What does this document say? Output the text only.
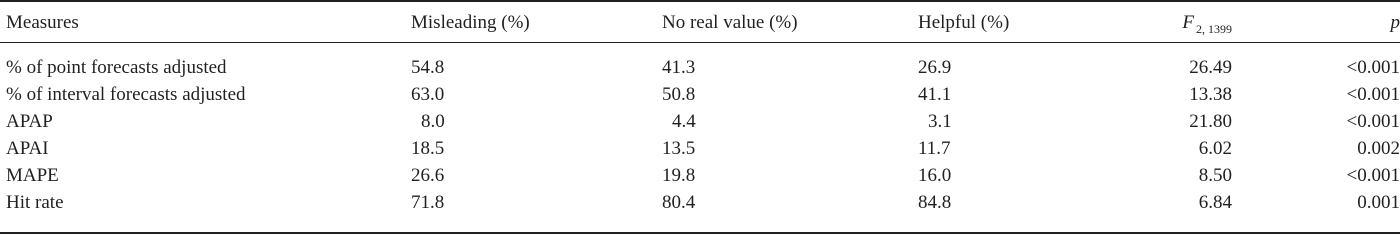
Measures	Misleading (%)	No real value (%)	Helpful (%)	F $_{2, 1399}$	p
% of point forecasts adjusted	54.8	41.3	26.9	26.49	<0.001
% of interval forecasts adjusted	63.0	50.8	41.1	13.38	<0.001
APAP	8.0	4.4	3.1	21.80	<0.001
APAI	18.5	13.5	11.7	6.02	0.002
MAPE	26.6	19.8	16.0	8.50	<0.001
Hit rate	71.8	80.4	84.8	6.84	0.001
